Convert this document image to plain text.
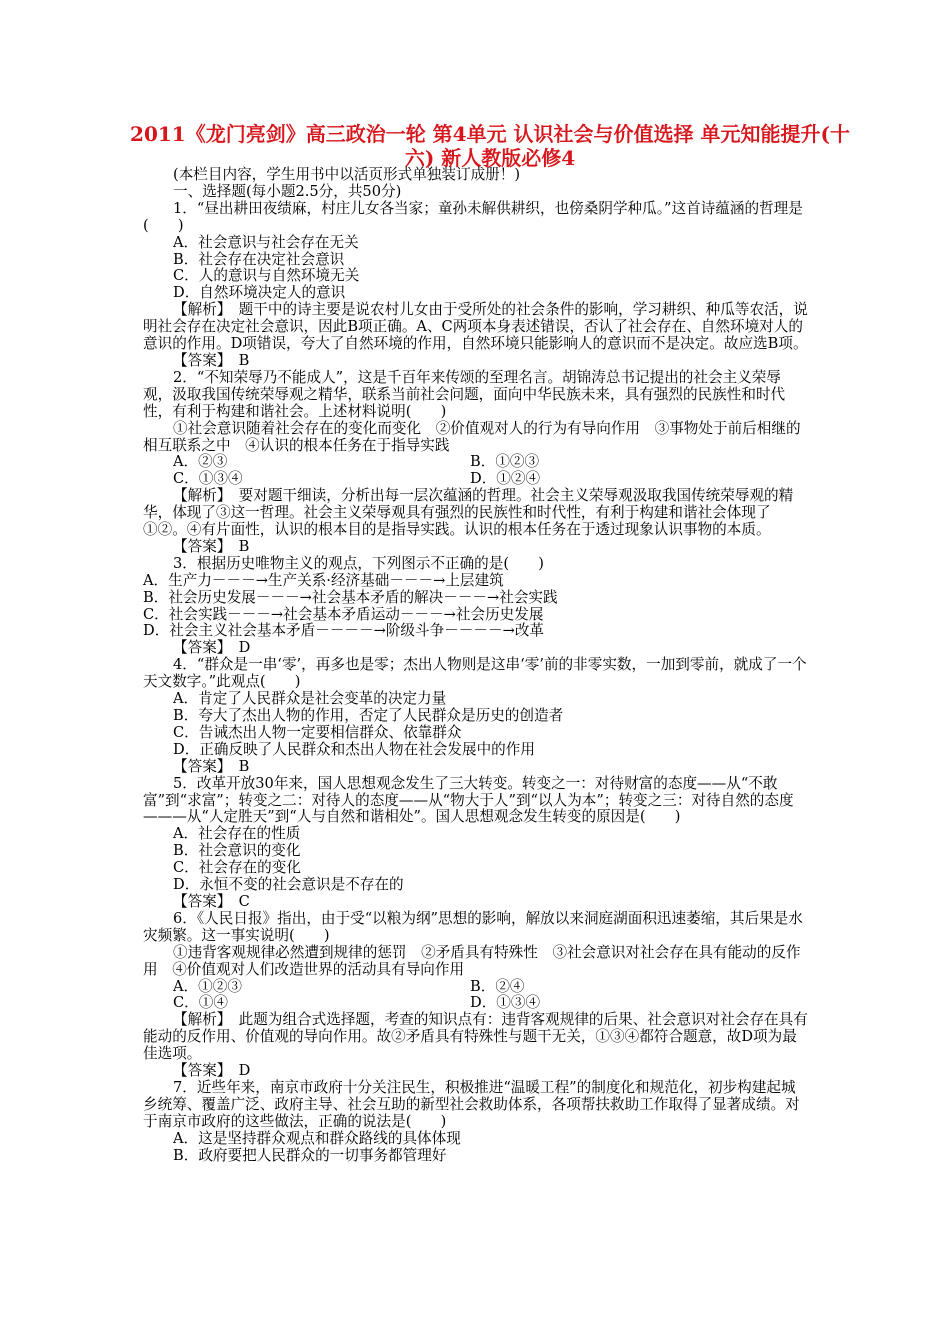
2011《龙门亮剑》高三政治一轮 第4单元 认识社会与价值选择 单元知能提升(十六) 新人教版必修4

(本栏目内容，学生用书中以活页形式单独装订成册！)

一、选择题(每小题2.5分，共50分)

1．“昼出耕田夜绩麻，村庄儿女各当家；童孙未解供耕织，也傍桑阴学种瓜。”这首诗蕴涵的哲理是(　　)

A．社会意识与社会存在无关

B．社会存在决定社会意识

C．人的意识与自然环境无关

D．自然环境决定人的意识

【解析】　题干中的诗主要是说农村儿女由于受所处的社会条件的影响，学习耕织、种瓜等农活，说明社会存在决定社会意识，因此B项正确。A、C两项本身表述错误，否认了社会存在、自然环境对人的意识的作用。D项错误，夸大了自然环境的作用，自然环境只能影响人的意识而不是决定。故应选B项。

【答案】　B

2．“不知荣辱乃不能成人”，这是千百年来传颂的至理名言。胡锦涛总书记提出的社会主义荣辱观，汲取我国传统荣辱观之精华，联系当前社会问题，面向中华民族未来，具有强烈的民族性和时代性，有利于构建和谐社会。上述材料说明(　　)

①社会意识随着社会存在的变化而变化　②价值观对人的行为有导向作用　③事物处于前后相继的相互联系之中　④认识的根本任务在于指导实践

A．②③	B．①②③
C．①③④	D．①②④

【解析】　要对题干细读，分析出每一层次蕴涵的哲理。社会主义荣辱观汲取我国传统荣辱观的精华，体现了③这一哲理。社会主义荣辱观具有强烈的民族性和时代性，有利于构建和谐社会体现了①②。④有片面性，认识的根本目的是指导实践。认识的根本任务在于透过现象认识事物的本质。

【答案】　B

3．根据历史唯物主义的观点，下列图示不正确的是(　　)

A．生产力－－－→生产关系·经济基础－－－→上层建筑

B．社会历史发展－－－→社会基本矛盾的解决－－－→社会实践

C．社会实践－－－→社会基本矛盾运动－－－→社会历史发展

D．社会主义社会基本矛盾－－－－→阶级斗争－－－－→改革

【答案】　D

4．“群众是一串‘零’，再多也是零；杰出人物则是这串‘零’前的非零实数，一加到零前，就成了一个天文数字。”此观点(　　)

A．肯定了人民群众是社会变革的决定力量

B．夸大了杰出人物的作用，否定了人民群众是历史的创造者

C．告诫杰出人物一定要相信群众、依靠群众

D．正确反映了人民群众和杰出人物在社会发展中的作用

【答案】　B

5．改革开放30年来，国人思想观念发生了三大转变。转变之一：对待财富的态度——从“不敢富”到“求富”；转变之二：对待人的态度——从“物大于人”到“以人为本”；转变之三：对待自然的态度———从“人定胜天”到“人与自然和谐相处”。国人思想观念发生转变的原因是(　　)

A．社会存在的性质

B．社会意识的变化

C．社会存在的变化

D．永恒不变的社会意识是不存在的

【答案】　C

6．《人民日报》指出，由于受“以粮为纲”思想的影响，解放以来洞庭湖面积迅速萎缩，其后果是水灾频繁。这一事实说明(　　)

①违背客观规律必然遭到规律的惩罚　②矛盾具有特殊性　③社会意识对社会存在具有能动的反作用　④价值观对人们改造世界的活动具有导向作用

A．①②③	B．②④
C．①④	D．①③④

【解析】　此题为组合式选择题，考查的知识点有：违背客观规律的后果、社会意识对社会存在具有能动的反作用、价值观的导向作用。故②矛盾具有特殊性与题干无关，①③④都符合题意，故D项为最佳选项。

【答案】　D

7．近些年来，南京市政府十分关注民生，积极推进“温暖工程”的制度化和规范化，初步构建起城乡统筹、覆盖广泛、政府主导、社会互助的新型社会救助体系，各项帮扶救助工作取得了显著成绩。对于南京市政府的这些做法，正确的说法是(　　)

A．这是坚持群众观点和群众路线的具体体现

B．政府要把人民群众的一切事务都管理好
